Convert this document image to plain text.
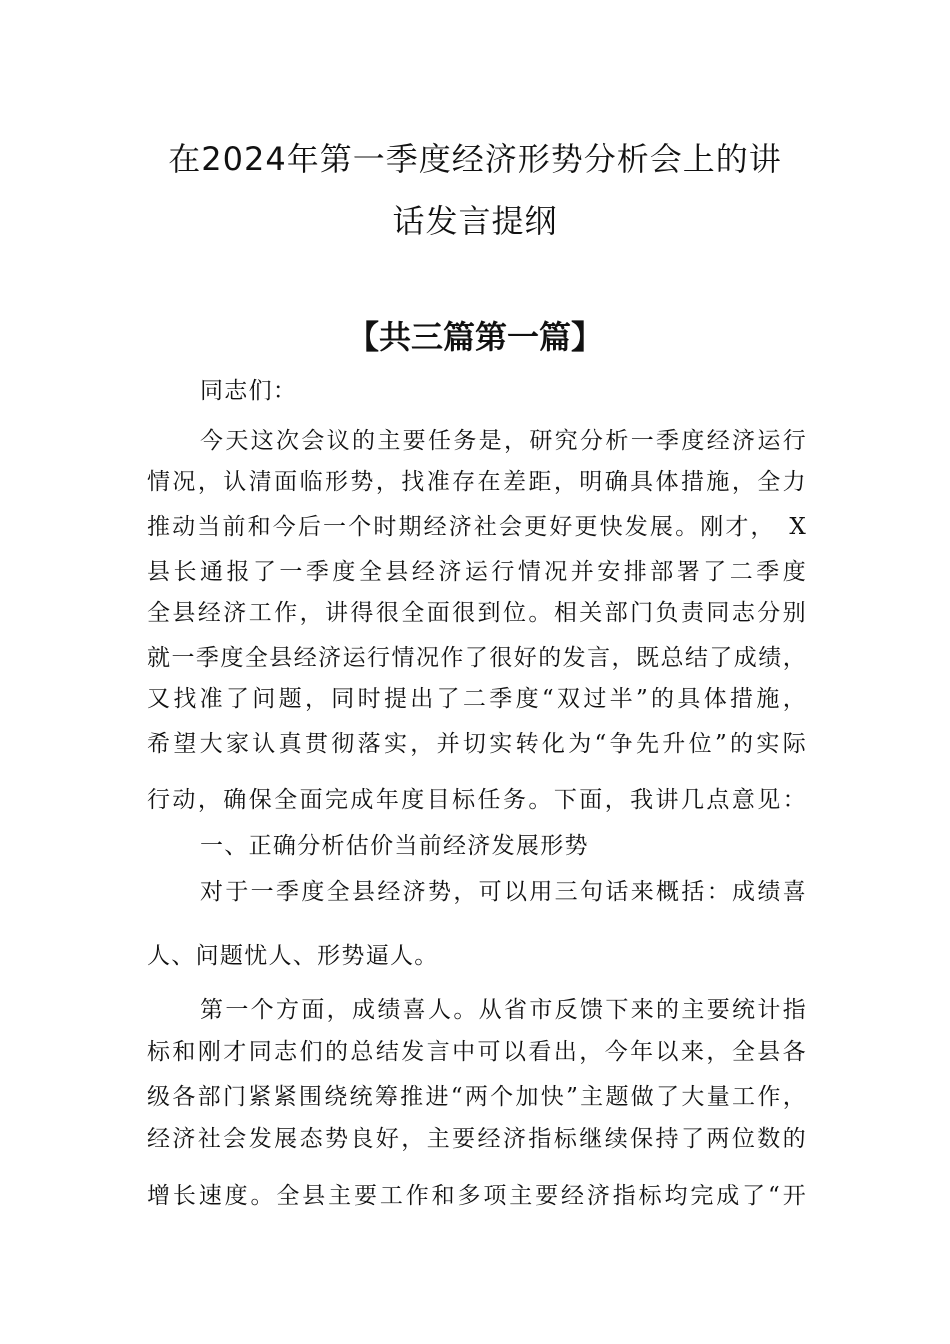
在2024年第一季度经济形势分析会上的讲
话发言提纲
【共三篇第一篇】
同志们：
今天这次会议的主要任务是，研究分析一季度经济运行
情况，认清面临形势，找准存在差距，明确具体措施，全力
推动当前和今后一个时期经济社会更好更快发展。刚才，　X
县长通报了一季度全县经济运行情况并安排部署了二季度
全县经济工作，讲得很全面很到位。相关部门负责同志分别
就一季度全县经济运行情况作了很好的发言，既总结了成绩，
又找准了问题，同时提出了二季度“双过半”的具体措施，
希望大家认真贯彻落实，并切实转化为“争先升位”的实际
行动，确保全面完成年度目标任务。下面，我讲几点意见：
一、正确分析估价当前经济发展形势
对于一季度全县经济势，可以用三句话来概括：成绩喜
人、问题忧人、形势逼人。
第一个方面，成绩喜人。从省市反馈下来的主要统计指
标和刚才同志们的总结发言中可以看出，今年以来，全县各
级各部门紧紧围绕统筹推进“两个加快”主题做了大量工作，
经济社会发展态势良好，主要经济指标继续保持了两位数的
增长速度。全县主要工作和多项主要经济指标均完成了“开
